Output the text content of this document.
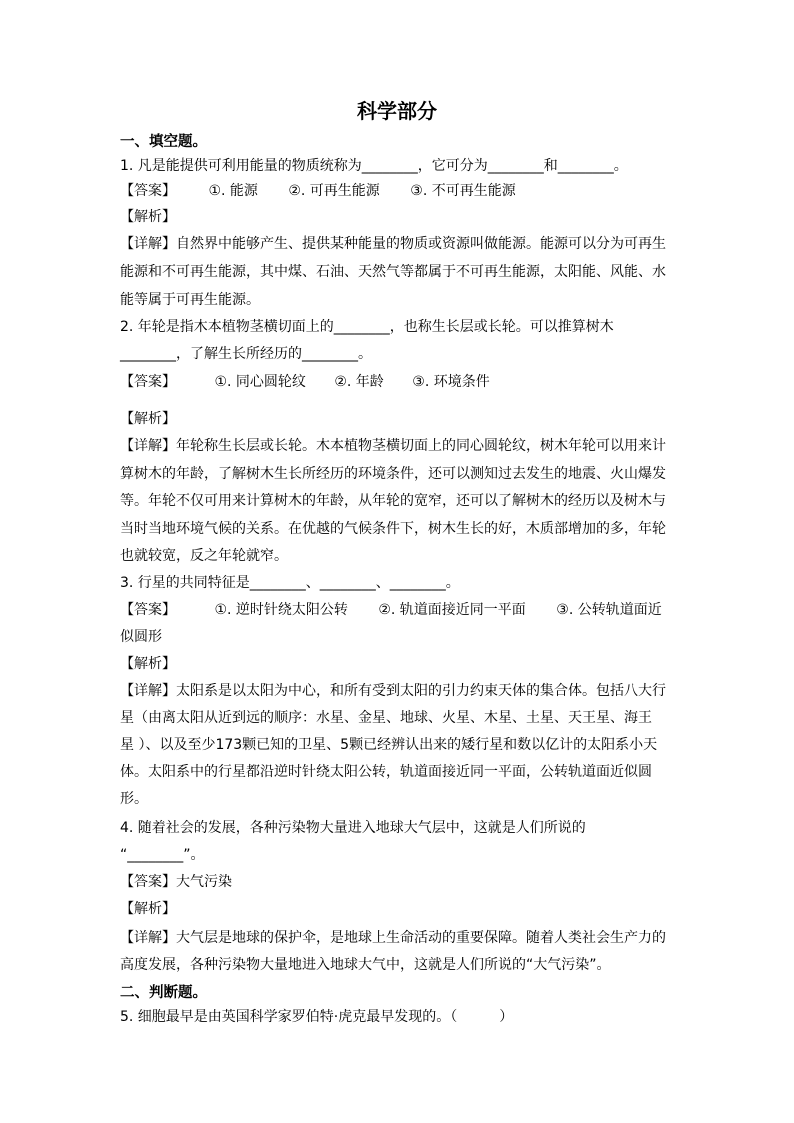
科学部分
一、填空题。
1. 凡是能提供可利用能量的物质统称为________，它可分为________和________。
【答案】 ①. 能源 ②. 可再生能源 ③. 不可再生能源
【解析】
【详解】自然界中能够产生、提供某种能量的物质或资源叫做能源。能源可以分为可再生
能源和不可再生能源，其中煤、石油、天然气等都属于不可再生能源，太阳能、风能、水
能等属于可再生能源。
2. 年轮是指木本植物茎横切面上的________，也称生长层或长轮。可以推算树木
________，了解生长所经历的________。
【答案】	①. 同心圆轮纹 ②. 年龄 ③. 环境条件
【解析】
【详解】年轮称生长层或长轮。木本植物茎横切面上的同心圆轮纹，树木年轮可以用来计
算树木的年龄，了解树木生长所经历的环境条件，还可以测知过去发生的地震、火山爆发
等。年轮不仅可用来计算树木的年龄，从年轮的宽窄，还可以了解树木的经历以及树木与
当时当地环境气候的关系。在优越的气候条件下，树木生长的好，木质部增加的多，年轮
也就较宽，反之年轮就窄。
3. 行星的共同特征是________、________、________。
【答案】	①. 逆时针绕太阳公转 ②. 轨道面接近同一平面 ③. 公转轨道面近
似圆形
【解析】
【详解】太阳系是以太阳为中心，和所有受到太阳的引力约束天体的集合体。包括八大行
星（由离太阳从近到远的顺序：水星、金星、地球、火星、木星、土星、天王星、海王
星 ）、以及至少173颗已知的卫星、5颗已经辨认出来的矮行星和数以亿计的太阳系小天
体。太阳系中的行星都沿逆时针绕太阳公转，轨道面接近同一平面，公转轨道面近似圆
形。
4. 随着社会的发展，各种污染物大量进入地球大气层中，这就是人们所说的
“________”。
【答案】大气污染
【解析】
【详解】大气层是地球的保护伞，是地球上生命活动的重要保障。随着人类社会生产力的
高度发展，各种污染物大量地进入地球大气中，这就是人们所说的“大气污染”。
二、判断题。
5. 细胞最早是由英国科学家罗伯特·虎克最早发现的。（　　　）
